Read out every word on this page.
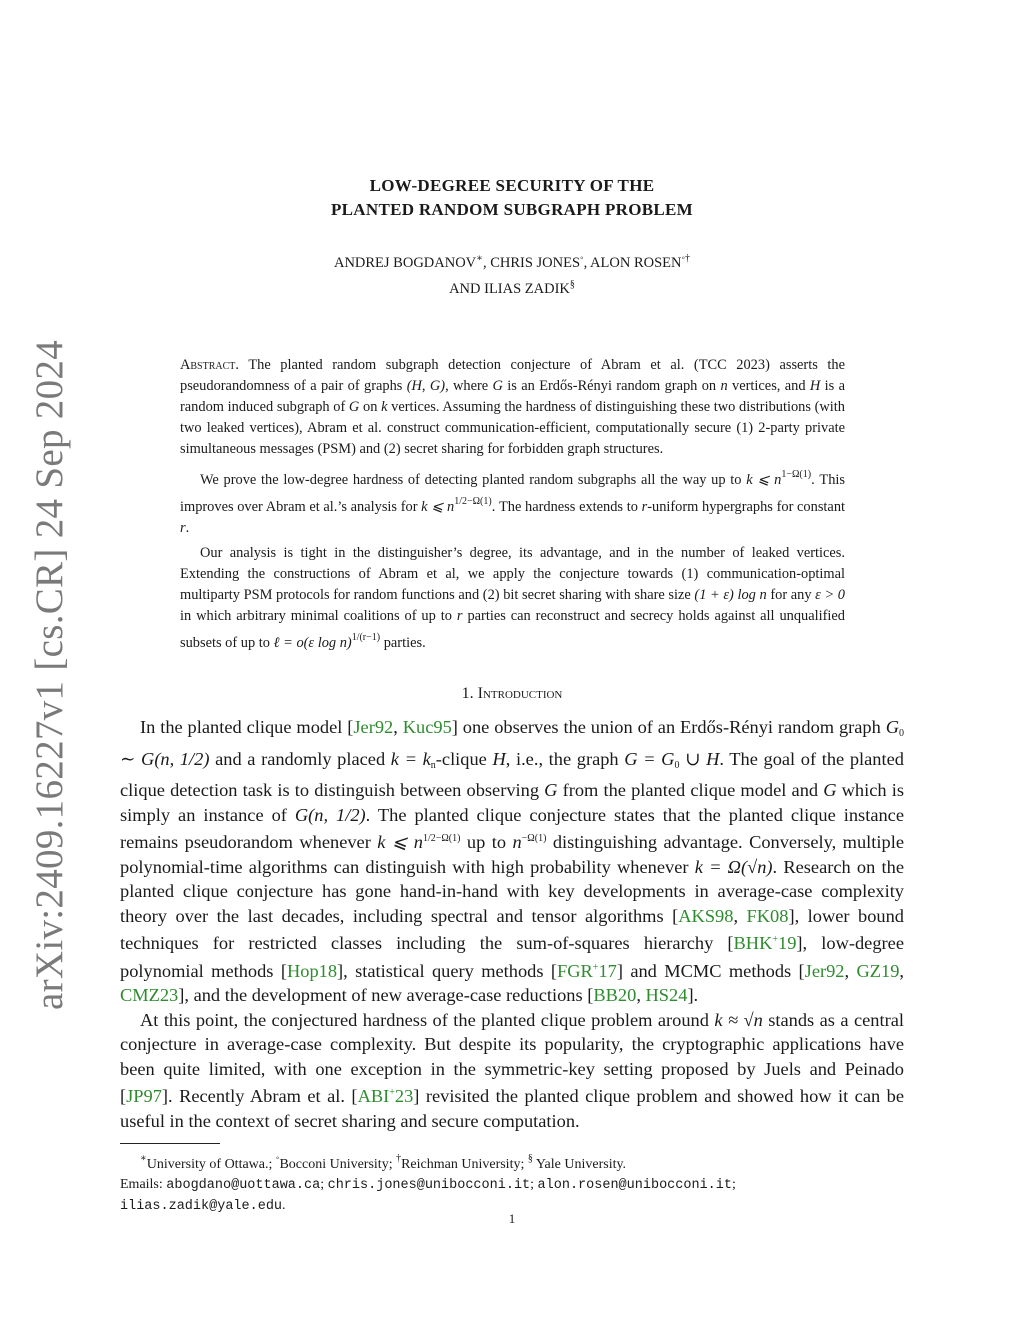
arXiv:2409.16227v1 [cs.CR] 24 Sep 2024
LOW-DEGREE SECURITY OF THE
PLANTED RANDOM SUBGRAPH PROBLEM
ANDREJ BOGDANOV∗, CHRIS JONES◦, ALON ROSEN◦†
AND ILIAS ZADIK§

Abstract. The planted random subgraph detection conjecture of Abram et al. (TCC 2023) asserts the pseudorandomness of a pair of graphs (H, G), where G is an Erdős-Rényi random graph on n vertices, and H is a random induced subgraph of G on k vertices. Assuming the hardness of distinguishing these two distributions (with two leaked vertices), Abram et al. construct communication-efficient, computationally secure (1) 2-party private simultaneous messages (PSM) and (2) secret sharing for forbidden graph structures.

We prove the low-degree hardness of detecting planted random subgraphs all the way up to k ⩽ $n^{1-\Omega(1)}$. This improves over Abram et al.’s analysis for k ⩽ $n^{1/2-\Omega(1)}$. The hardness extends to r-uniform hypergraphs for constant r.

Our analysis is tight in the distinguisher’s degree, its advantage, and in the number of leaked vertices. Extending the constructions of Abram et al, we apply the conjecture towards (1) communication-optimal multiparty PSM protocols for random functions and (2) bit secret sharing with share size (1 + ε) log n for any ε > 0 in which arbitrary minimal coalitions of up to r parties can reconstruct and secrecy holds against all unqualified subsets of up to ℓ = o(ε log n)$^{1/(r-1)}$ parties.

1. Introduction

In the planted clique model [Jer92, Kuc95] one observes the union of an Erdős-Rényi random graph G0 ∼ G(n, 1/2) and a randomly placed k = kn-clique H, i.e., the graph G = G0 ∪ H. The goal of the planted clique detection task is to distinguish between observing G from the planted clique model and G which is simply an instance of G(n, 1/2). The planted clique conjecture states that the planted clique instance remains pseudorandom whenever k ⩽ $n^{1/2-\Omega(1)}$ up to $n^{-\Omega(1)}$ distinguishing advantage. Conversely, multiple polynomial-time algorithms can distinguish with high probability whenever k = Ω(√n). Research on the planted clique conjecture has gone hand-in-hand with key developments in average-case complexity theory over the last decades, including spectral and tensor algorithms [AKS98, FK08], lower bound techniques for restricted classes including the sum-of-squares hierarchy [BHK+19], low-degree polynomial methods [Hop18], statistical query methods [FGR+17] and MCMC methods [Jer92, GZ19, CMZ23], and the development of new average-case reductions [BB20, HS24].

At this point, the conjectured hardness of the planted clique problem around k ≈ √n stands as a central conjecture in average-case complexity. But despite its popularity, the cryptographic applications have been quite limited, with one exception in the symmetric-key setting proposed by Juels and Peinado [JP97]. Recently Abram et al. [ABI+23] revisited the planted clique problem and showed how it can be useful in the context of secret sharing and secure computation.

∗University of Ottawa.; ◦Bocconi University; †Reichman University; § Yale University.
Emails: abogdano@uottawa.ca; chris.jones@unibocconi.it; alon.rosen@unibocconi.it;
ilias.zadik@yale.edu.
1
